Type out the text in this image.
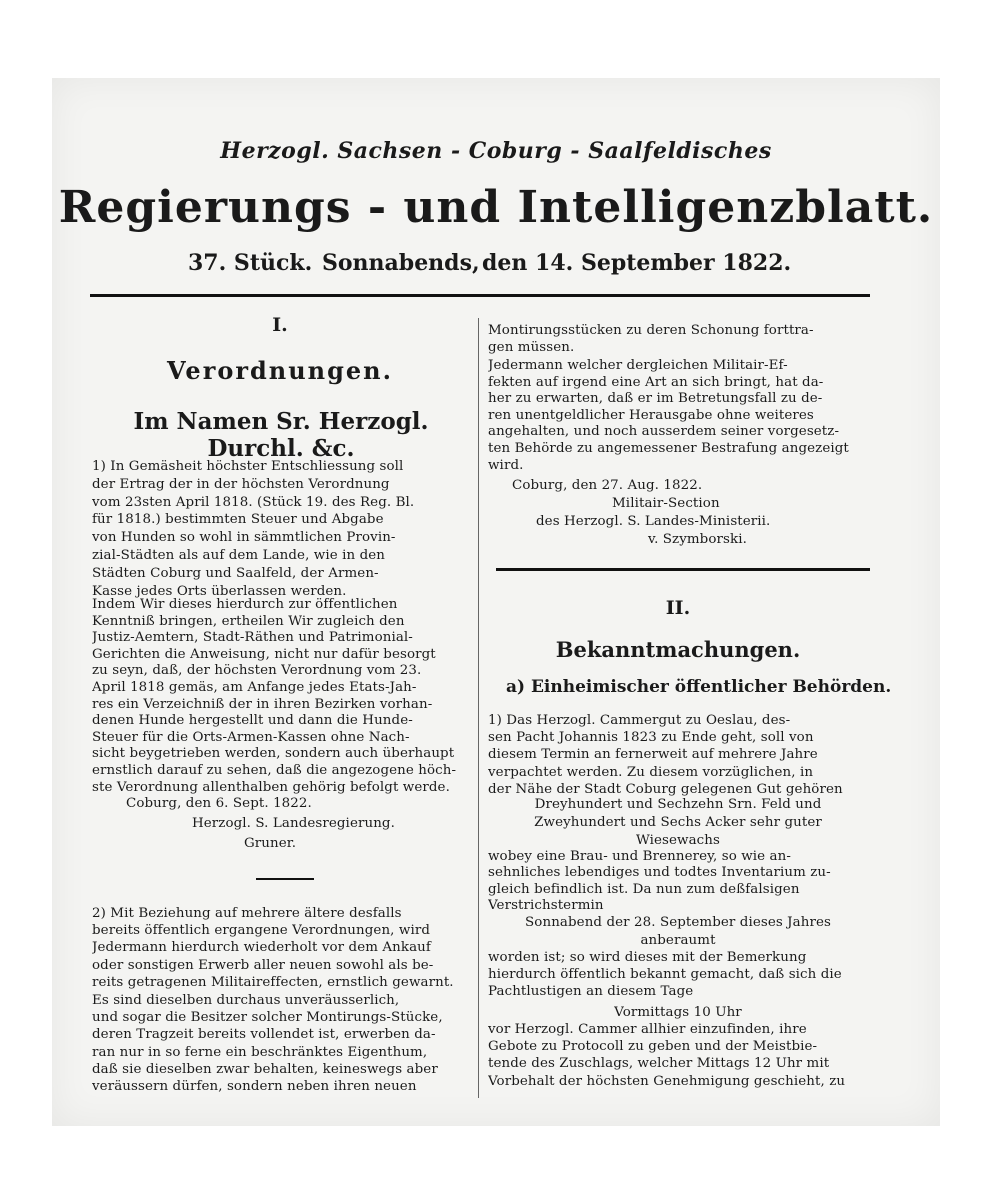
Herzogl. Sachsen - Coburg - Saalfeldisches
Regierungs - und Intelligenzblatt.
37. Stück. Sonnabends, den 14. September 1822.
I.
Verordnungen.
Im Namen Sr. Herzogl. Durchl. &c.
1) In Gemäsheit höchster Entschliessung soll
der Ertrag der in der höchsten Verordnung
vom 23sten April 1818. (Stück 19. des Reg. Bl.
für 1818.) bestimmten Steuer und Abgabe
von Hunden so wohl in sämmtlichen Provin-
zial-Städten als auf dem Lande, wie in den
Städten Coburg und Saalfeld, der Armen-
Kasse jedes Orts überlassen werden.
Indem Wir dieses hierdurch zur öffentlichen
Kenntniß bringen, ertheilen Wir zugleich den
Justiz-Aemtern, Stadt-Räthen und Patrimonial-
Gerichten die Anweisung, nicht nur dafür besorgt
zu seyn, daß, der höchsten Verordnung vom 23.
April 1818 gemäs, am Anfange jedes Etats-Jah-
res ein Verzeichniß der in ihren Bezirken vorhan-
denen Hunde hergestellt und dann die Hunde-
Steuer für die Orts-Armen-Kassen ohne Nach-
sicht beygetrieben werden, sondern auch überhaupt
ernstlich darauf zu sehen, daß die angezogene höch-
ste Verordnung allenthalben gehörig befolgt werde.
Coburg, den 6. Sept. 1822.
Herzogl. S. Landesregierung.
Gruner.
2) Mit Beziehung auf mehrere ältere desfalls
bereits öffentlich ergangene Verordnungen, wird
Jedermann hierdurch wiederholt vor dem Ankauf
oder sonstigen Erwerb aller neuen sowohl als be-
reits getragenen Militaireffecten, ernstlich gewarnt.
Es sind dieselben durchaus unveräusserlich,
und sogar die Besitzer solcher Montirungs-Stücke,
deren Tragzeit bereits vollendet ist, erwerben da-
ran nur in so ferne ein beschränktes Eigenthum,
daß sie dieselben zwar behalten, keineswegs aber
veräussern dürfen, sondern neben ihren neuen
Montirungsstücken zu deren Schonung forttra-
gen müssen.
Jedermann welcher dergleichen Militair-Ef-
fekten auf irgend eine Art an sich bringt, hat da-
her zu erwarten, daß er im Betretungsfall zu de-
ren unentgeldlicher Herausgabe ohne weiteres
angehalten, und noch ausserdem seiner vorgesetz-
ten Behörde zu angemessener Bestrafung angezeigt
wird.
Coburg, den 27. Aug. 1822.
Militair-Section
des Herzogl. S. Landes-Ministerii.
v. Szymborski.
II.
Bekanntmachungen.
a) Einheimischer öffentlicher Behörden.
1) Das Herzogl. Cammergut zu Oeslau, des-
sen Pacht Johannis 1823 zu Ende geht, soll von
diesem Termin an fernerweit auf mehrere Jahre
verpachtet werden. Zu diesem vorzüglichen, in
der Nähe der Stadt Coburg gelegenen Gut gehören
Dreyhundert und Sechzehn Srn. Feld und
Zweyhundert und Sechs Acker sehr guter
Wiesewachs
wobey eine Brau- und Brennerey, so wie an-
sehnliches lebendiges und todtes Inventarium zu-
gleich befindlich ist. Da nun zum deßfalsigen
Verstrichstermin
Sonnabend der 28. September dieses Jahres
anberaumt
worden ist; so wird dieses mit der Bemerkung
hierdurch öffentlich bekannt gemacht, daß sich die
Pachtlustigen an diesem Tage
Vormittags 10 Uhr
vor Herzogl. Cammer allhier einzufinden, ihre
Gebote zu Protocoll zu geben und der Meistbie-
tende des Zuschlags, welcher Mittags 12 Uhr mit
Vorbehalt der höchsten Genehmigung geschieht, zu
